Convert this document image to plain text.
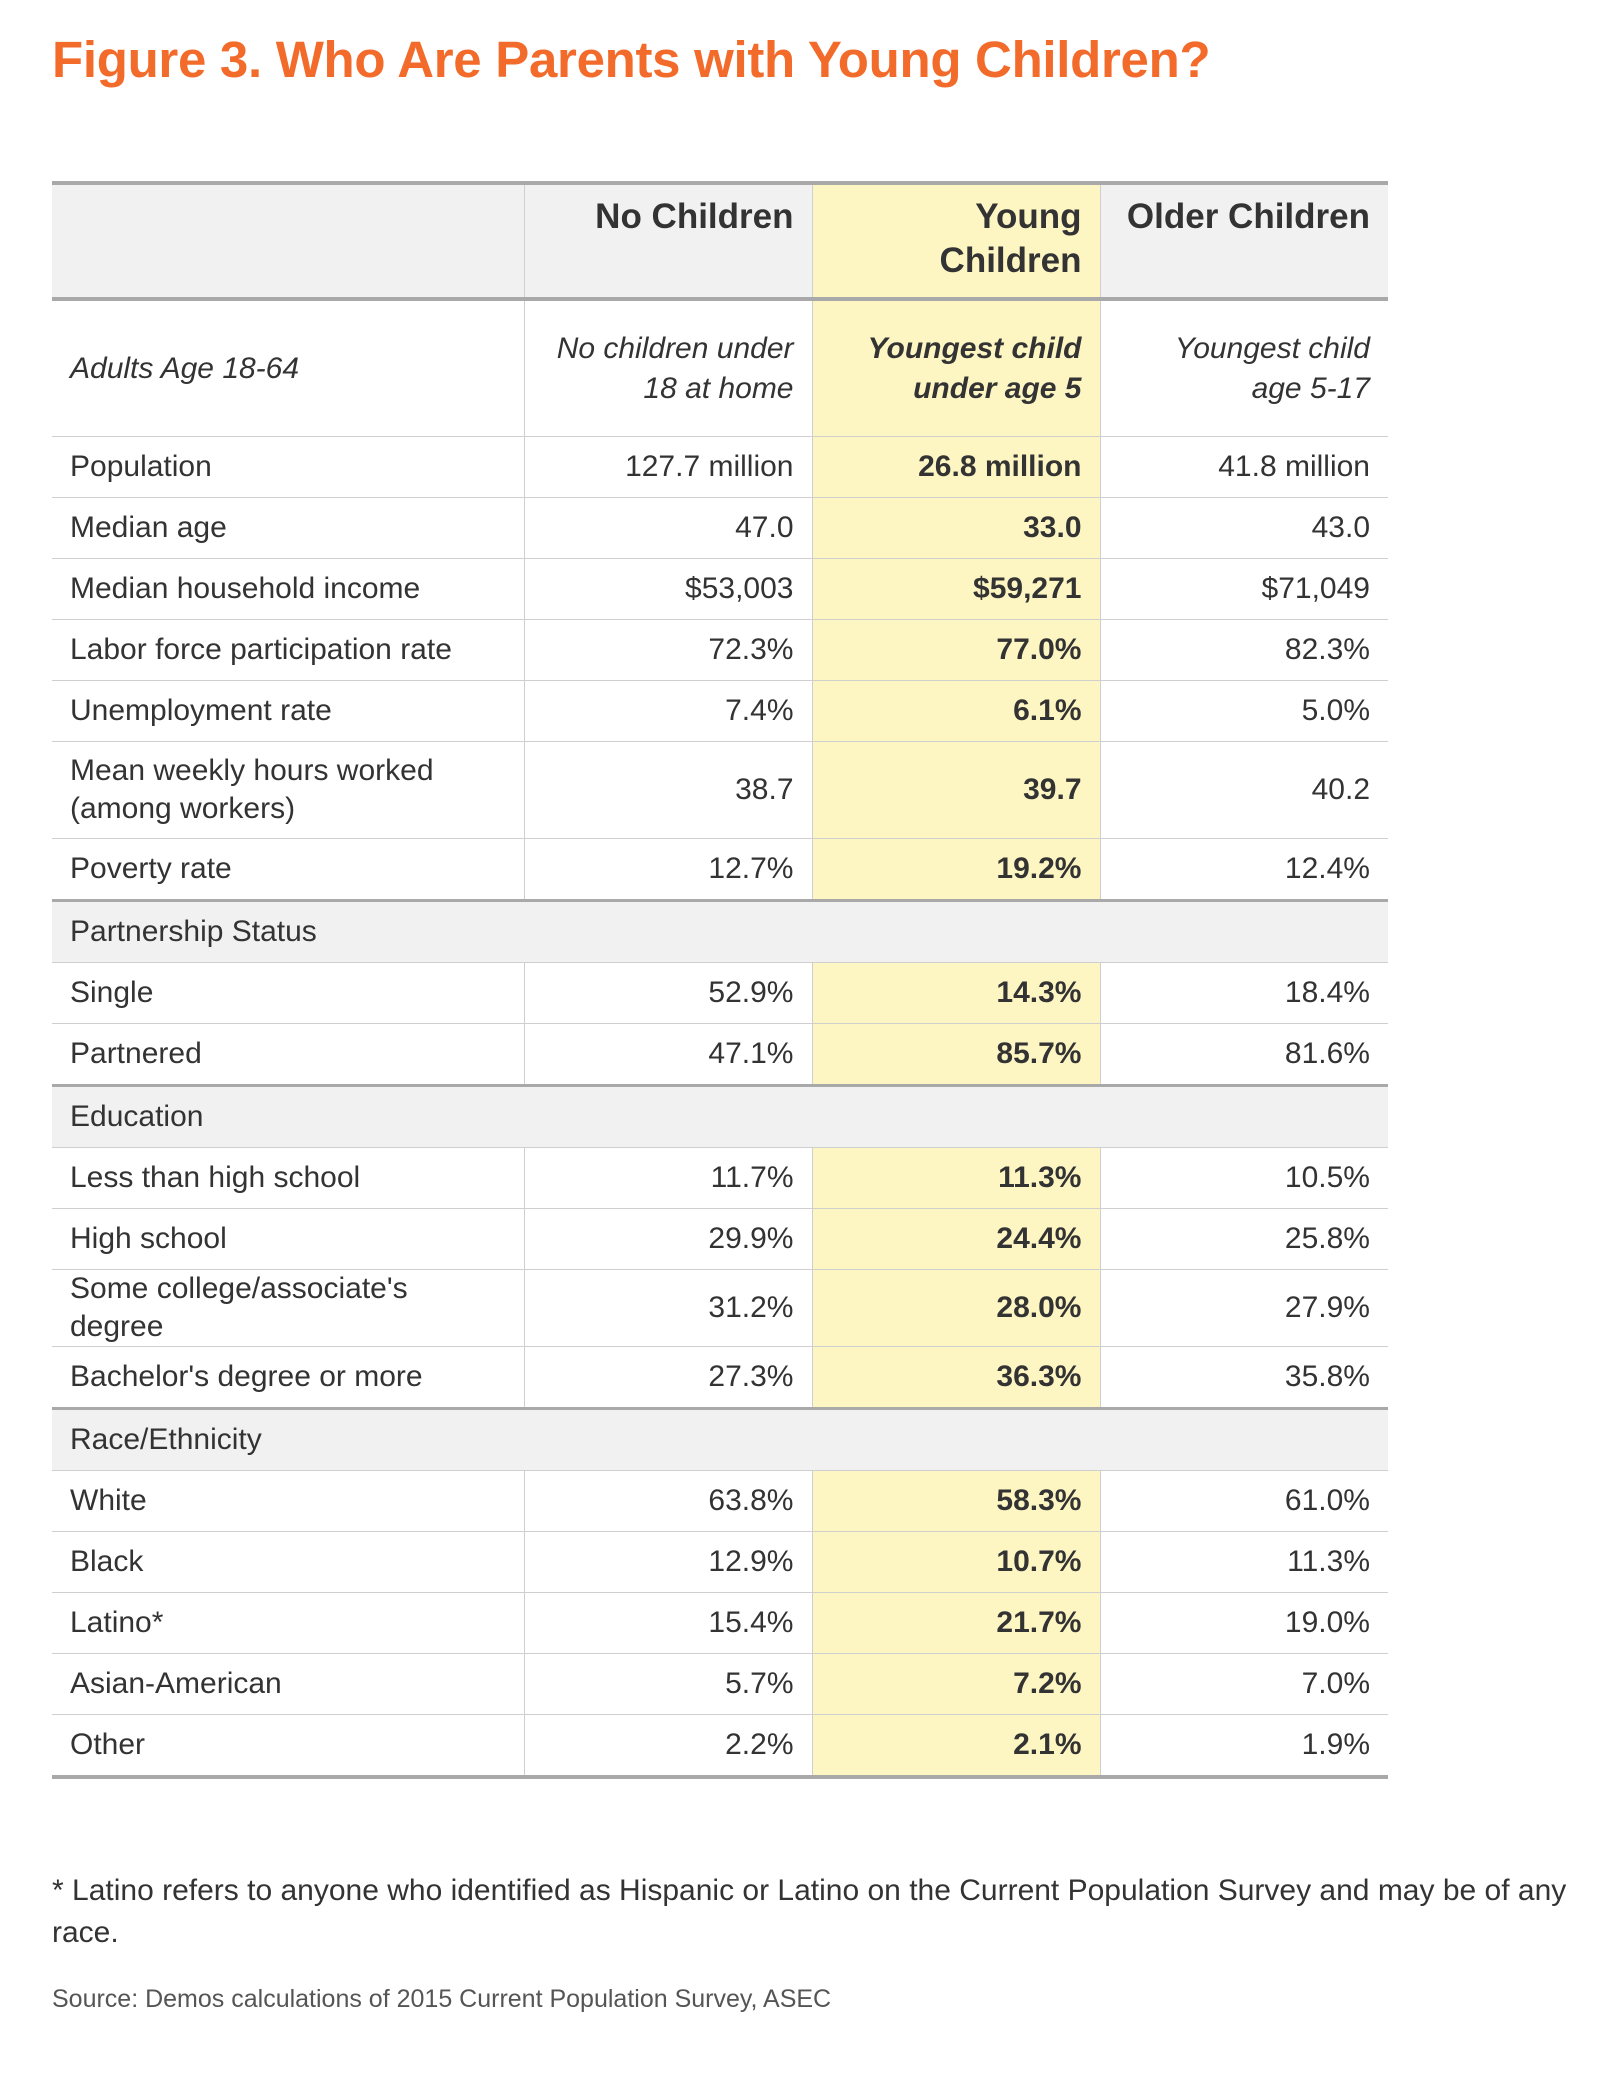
Figure 3. Who Are Parents with Young Children?
	No Children	Young Children	Older Children
Adults Age 18-64	No children under 18 at home	Youngest child under age 5	Youngest child age 5-17
Population	127.7 million	26.8 million	41.8 million
Median age	47.0	33.0	43.0
Median household income	$53,003	$59,271	$71,049
Labor force participation rate	72.3%	77.0%	82.3%
Unemployment rate	7.4%	6.1%	5.0%
Mean weekly hours worked (among workers)	38.7	39.7	40.2
Poverty rate	12.7%	19.2%	12.4%
Partnership Status			
Single	52.9%	14.3%	18.4%
Partnered	47.1%	85.7%	81.6%
Education			
Less than high school	11.7%	11.3%	10.5%
High school	29.9%	24.4%	25.8%
Some college/associate's degree	31.2%	28.0%	27.9%
Bachelor's degree or more	27.3%	36.3%	35.8%
Race/Ethnicity			
White	63.8%	58.3%	61.0%
Black	12.9%	10.7%	11.3%
Latino*	15.4%	21.7%	19.0%
Asian-American	5.7%	7.2%	7.0%
Other	2.2%	2.1%	1.9%

* Latino refers to anyone who identified as Hispanic or Latino on the Current Population Survey and may be of any race.

Source: Demos calculations of 2015 Current Population Survey, ASEC
